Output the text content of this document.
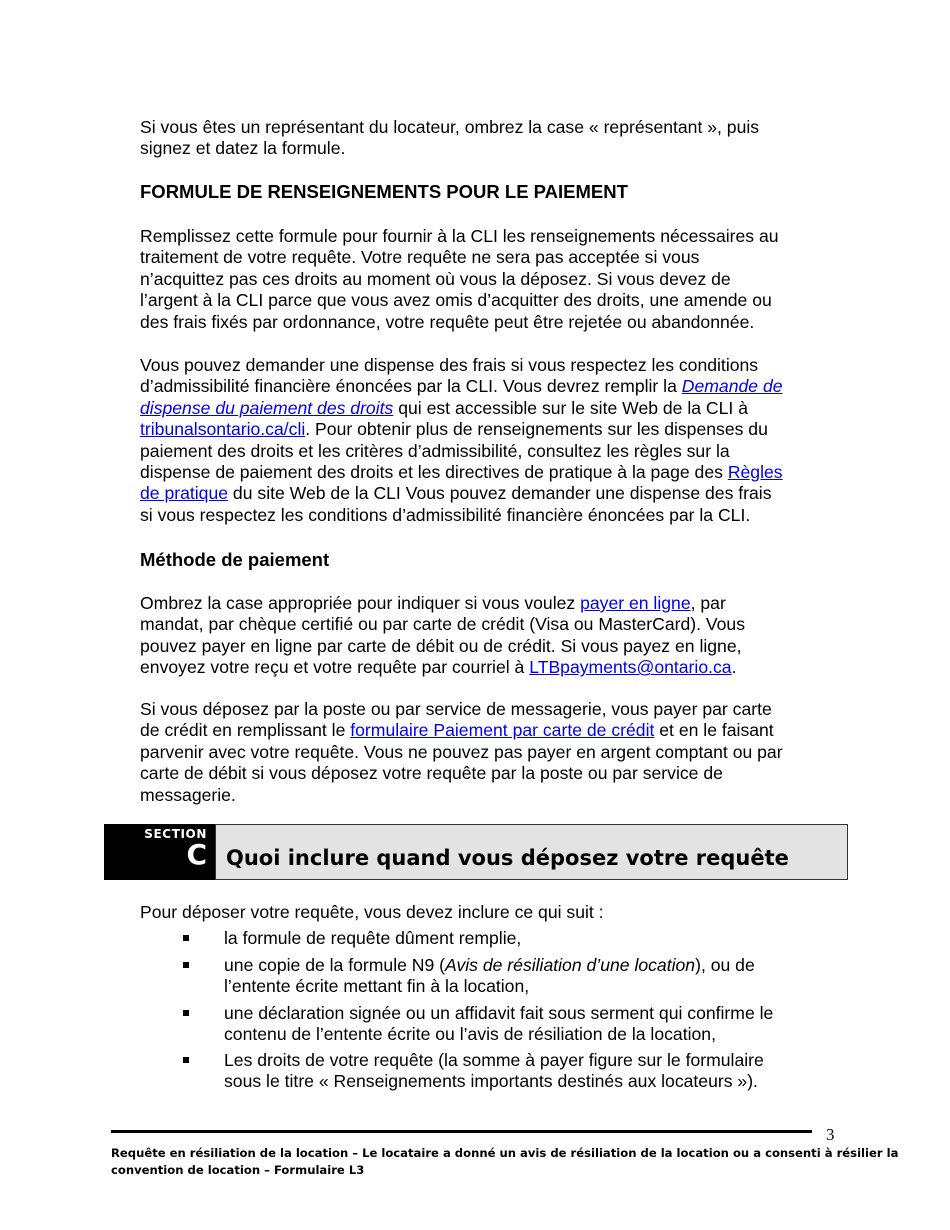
Si vous êtes un représentant du locateur, ombrez la case « représentant », puis
signez et datez la formule.

FORMULE DE RENSEIGNEMENTS POUR LE PAIEMENT

Remplissez cette formule pour fournir à la CLI les renseignements nécessaires au
traitement de votre requête. Votre requête ne sera pas acceptée si vous
n’acquittez pas ces droits au moment où vous la déposez. Si vous devez de
l’argent à la CLI parce que vous avez omis d’acquitter des droits, une amende ou
des frais fixés par ordonnance, votre requête peut être rejetée ou abandonnée.

Vous pouvez demander une dispense des frais si vous respectez les conditions
d’admissibilité financière énoncées par la CLI. Vous devrez remplir la Demande de
dispense du paiement des droits qui est accessible sur le site Web de la CLI à
tribunalsontario.ca/cli. Pour obtenir plus de renseignements sur les dispenses du
paiement des droits et les critères d’admissibilité, consultez les règles sur la
dispense de paiement des droits et les directives de pratique à la page des Règles
de pratique du site Web de la CLI Vous pouvez demander une dispense des frais
si vous respectez les conditions d’admissibilité financière énoncées par la CLI.

Méthode de paiement

Ombrez la case appropriée pour indiquer si vous voulez payer en ligne, par
mandat, par chèque certifié ou par carte de crédit (Visa ou MasterCard). Vous
pouvez payer en ligne par carte de débit ou de crédit. Si vous payez en ligne,
envoyez votre reçu et votre requête par courriel à LTBpayments@ontario.ca.

Si vous déposez par la poste ou par service de messagerie, vous payer par carte
de crédit en remplissant le formulaire Paiement par carte de crédit et en le faisant
parvenir avec votre requête. Vous ne pouvez pas payer en argent comptant ou par
carte de débit si vous déposez votre requête par la poste ou par service de
messagerie.

SECTION
C Quoi inclure quand vous déposez votre requête

Pour déposer votre requête, vous devez inclure ce qui suit :

la formule de requête dûment remplie,
une copie de la formule N9 (Avis de résiliation d’une location), ou de
l’entente écrite mettant fin à la location,
une déclaration signée ou un affidavit fait sous serment qui confirme le
contenu de l’entente écrite ou l’avis de résiliation de la location,
Les droits de votre requête (la somme à payer figure sur le formulaire
sous le titre « Renseignements importants destinés aux locateurs »).
3
Requête en résiliation de la location – Le locataire a donné un avis de résiliation de la location ou a consenti à résilier la
convention de location – Formulaire L3
